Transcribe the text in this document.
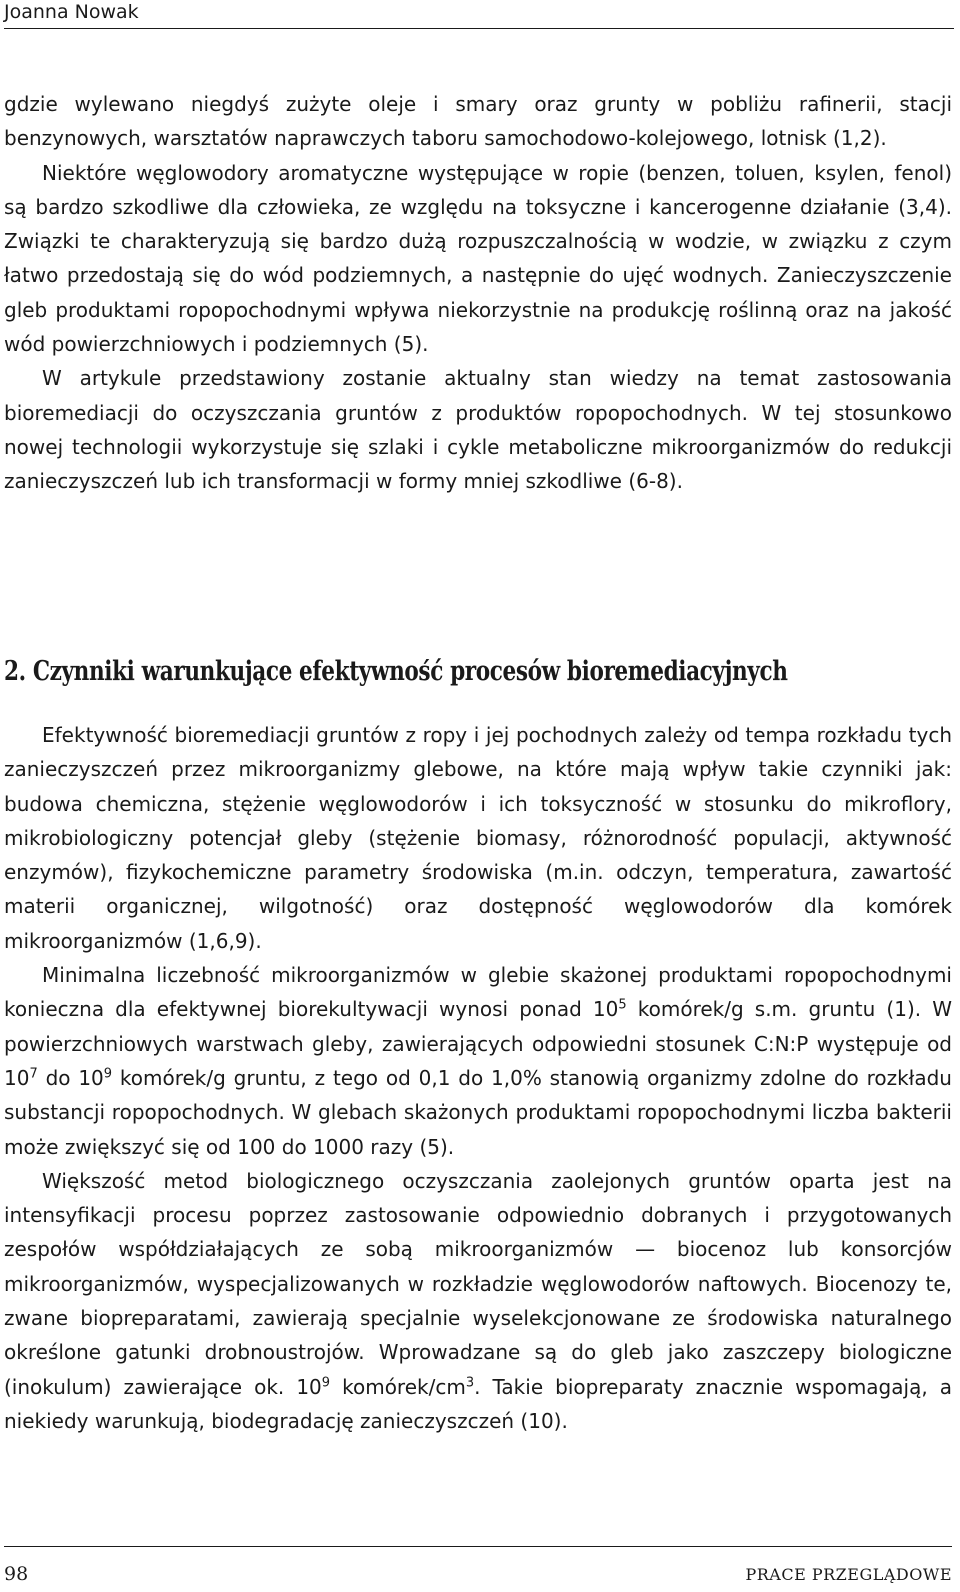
Joanna Nowak

gdzie wylewano niegdyś zużyte oleje i smary oraz grunty w pobliżu rafinerii, stacji benzynowych, warsztatów naprawczych taboru samochodowo-kolejowego, lotnisk (1,2).

Niektóre węglowodory aromatyczne występujące w ropie (benzen, toluen, ksylen, fenol) są bardzo szkodliwe dla człowieka, ze względu na toksyczne i kancerogenne działanie (3,4). Związki te charakteryzują się bardzo dużą rozpuszczalnością w wodzie, w związku z czym łatwo przedostają się do wód podziemnych, a następnie do ujęć wodnych. Zanieczyszczenie gleb produktami ropopochodnymi wpływa niekorzystnie na produkcję roślinną oraz na jakość wód powierzchniowych i podziemnych (5).

W artykule przedstawiony zostanie aktualny stan wiedzy na temat zastosowania bioremediacji do oczyszczania gruntów z produktów ropopochodnych. W tej stosunkowo nowej technologii wykorzystuje się szlaki i cykle metaboliczne mikroorganizmów do redukcji zanieczyszczeń lub ich transformacji w formy mniej szkodliwe (6-8).

2. Czynniki warunkujące efektywność procesów bioremediacyjnych

Efektywność bioremediacji gruntów z ropy i jej pochodnych zależy od tempa rozkładu tych zanieczyszczeń przez mikroorganizmy glebowe, na które mają wpływ takie czynniki jak: budowa chemiczna, stężenie węglowodorów i ich toksyczność w stosunku do mikroflory, mikrobiologiczny potencjał gleby (stężenie biomasy, różnorodność populacji, aktywność enzymów), fizykochemiczne parametry środowiska (m.in. odczyn, temperatura, zawartość materii organicznej, wilgotność) oraz dostępność węglowodorów dla komórek mikroorganizmów (1,6,9).

Minimalna liczebność mikroorganizmów w glebie skażonej produktami ropopochodnymi konieczna dla efektywnej biorekultywacji wynosi ponad $10^5$ komórek/g s.m. gruntu (1). W powierzchniowych warstwach gleby, zawierających odpowiedni stosunek C:N:P występuje od $10^7$ do $10^9$ komórek/g gruntu, z tego od 0,1 do 1,0% stanowią organizmy zdolne do rozkładu substancji ropopochodnych. W glebach skażonych produktami ropopochodnymi liczba bakterii może zwiększyć się od 100 do 1000 razy (5).

Większość metod biologicznego oczyszczania zaolejonych gruntów oparta jest na intensyfikacji procesu poprzez zastosowanie odpowiednio dobranych i przygotowanych zespołów współdziałających ze sobą mikroorganizmów — biocenoz lub konsorcjów mikroorganizmów, wyspecjalizowanych w rozkładzie węglowodorów naftowych. Biocenozy te, zwane biopreparatami, zawierają specjalnie wyselekcjonowane ze środowiska naturalnego określone gatunki drobnoustrojów. Wprowadzane są do gleb jako zaszczepy biologiczne (inokulum) zawierające ok. $10^9$ komórek/$cm^3$. Takie biopreparaty znacznie wspomagają, a niekiedy warunkują, biodegradację zanieczyszczeń (10).

98	PRACE PRZEGLĄDOWE
